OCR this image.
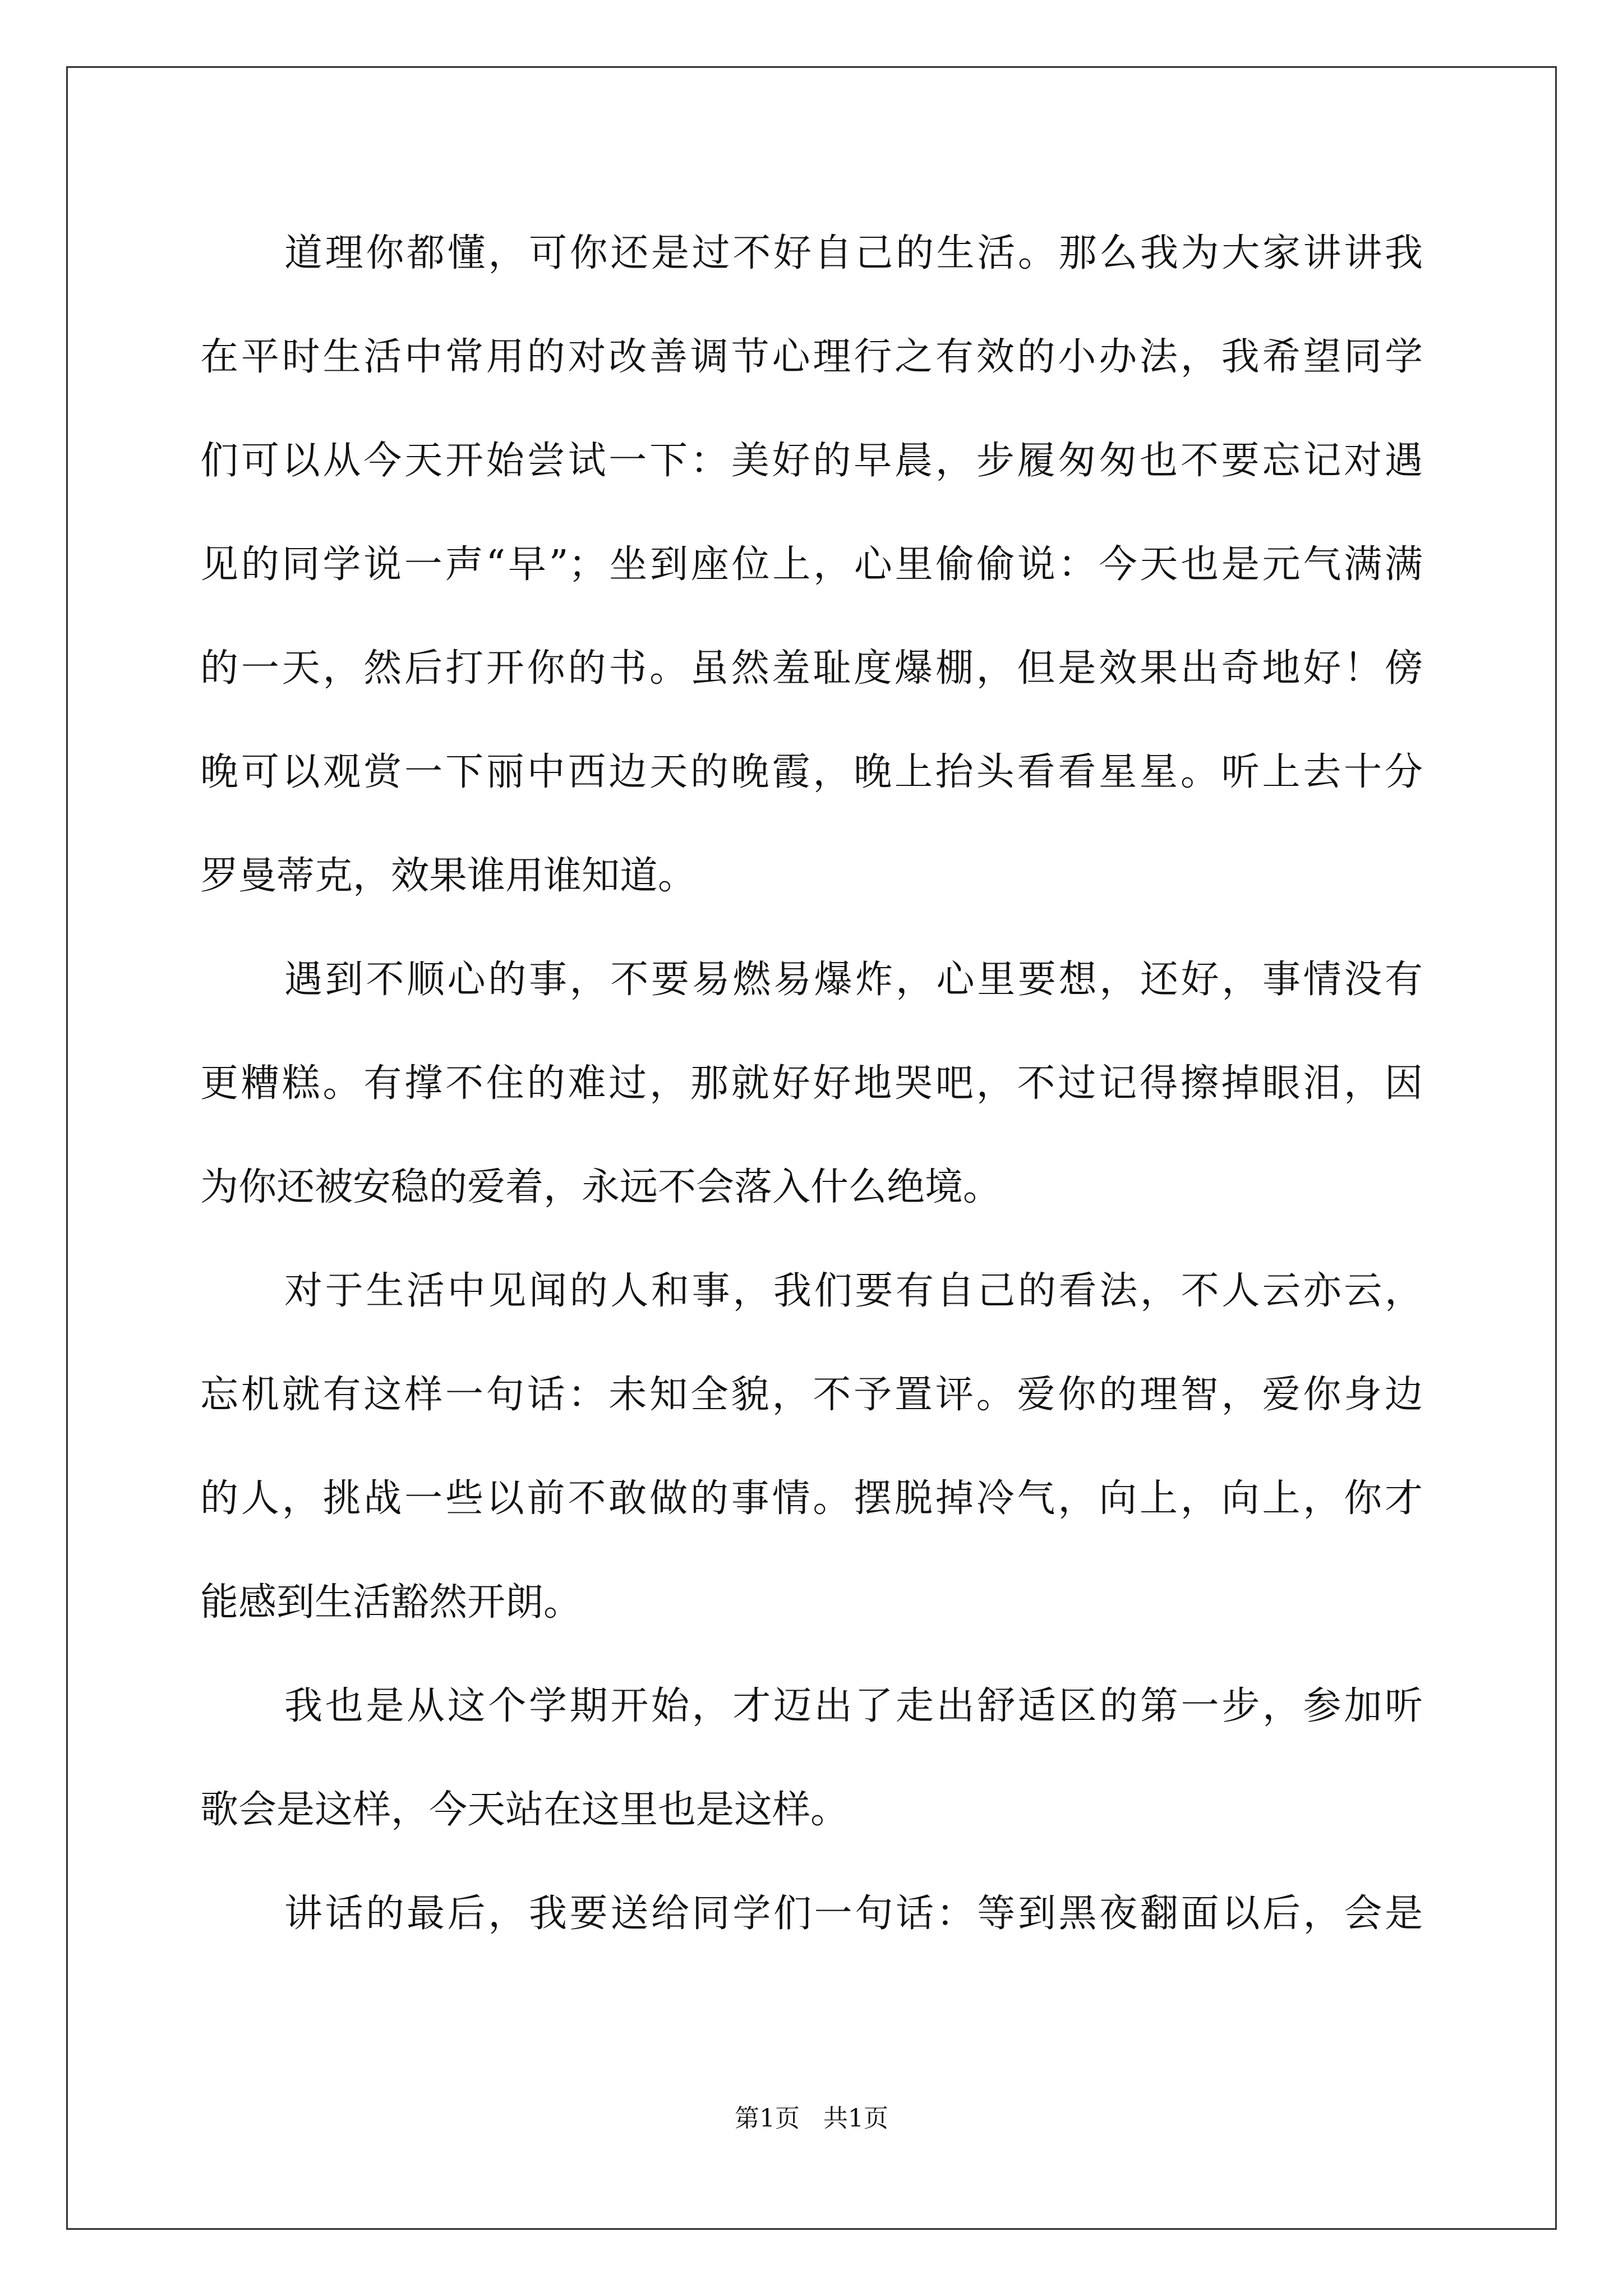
道理你都懂，可你还是过不好自己的生活。那么我为大家讲讲我
在平时生活中常用的对改善调节心理行之有效的小办法，我希望同学
们可以从今天开始尝试一下：美好的早晨，步履匆匆也不要忘记对遇
见的同学说一声“早”；坐到座位上，心里偷偷说：今天也是元气满满
的一天，然后打开你的书。虽然羞耻度爆棚，但是效果出奇地好！傍
晚可以观赏一下丽中西边天的晚霞，晚上抬头看看星星。听上去十分
罗曼蒂克，效果谁用谁知道。
遇到不顺心的事，不要易燃易爆炸，心里要想，还好，事情没有
更糟糕。有撑不住的难过，那就好好地哭吧，不过记得擦掉眼泪，因
为你还被安稳的爱着，永远不会落入什么绝境。
对于生活中见闻的人和事，我们要有自己的看法，不人云亦云，
忘机就有这样一句话：未知全貌，不予置评。爱你的理智，爱你身边
的人，挑战一些以前不敢做的事情。摆脱掉冷气，向上，向上，你才
能感到生活豁然开朗。
我也是从这个学期开始，才迈出了走出舒适区的第一步，参加听
歌会是这样，今天站在这里也是这样。
讲话的最后，我要送给同学们一句话：等到黑夜翻面以后，会是
第1页   共1页
